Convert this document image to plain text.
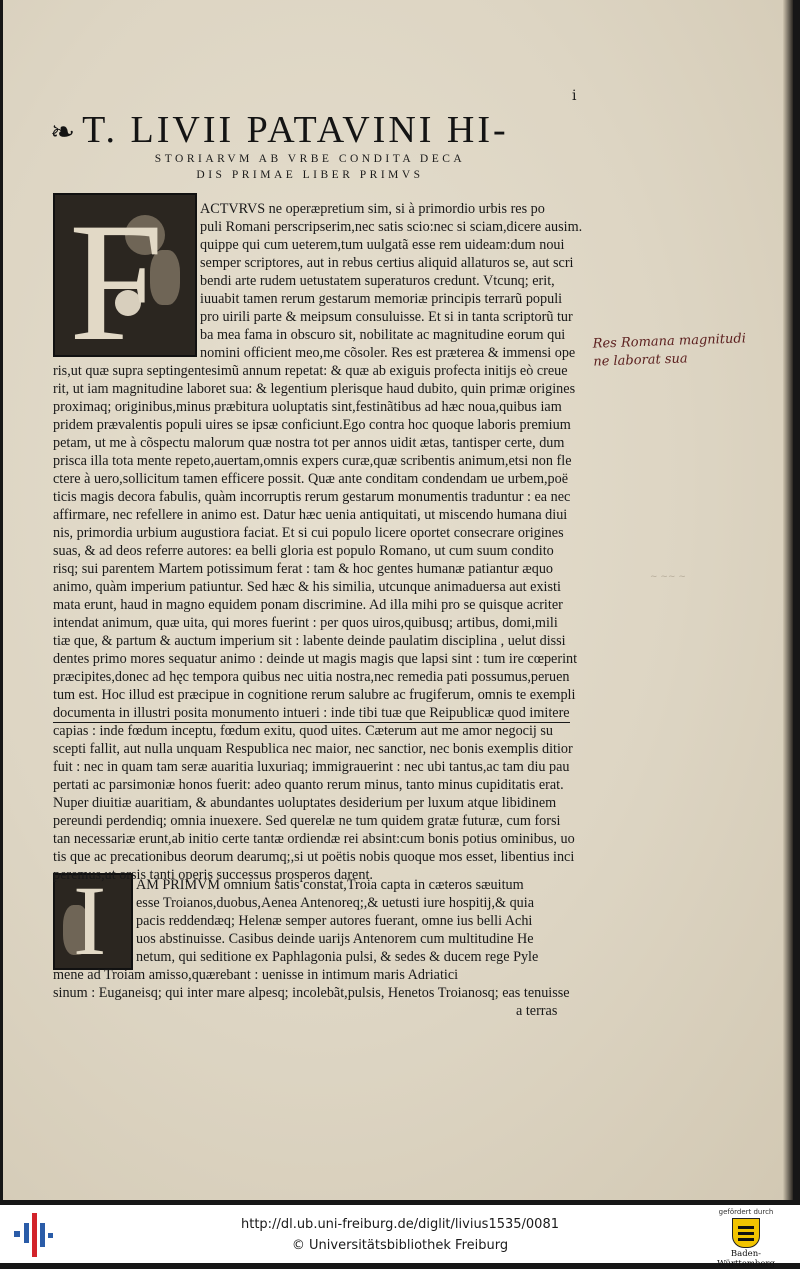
i
❧ T. LIVII PATAVINI HI-
STORIARVM AB VRBE CONDITA DECA
DIS PRIMAE LIBER PRIMVS
F
I
ACTVRVS ne operæpretium sim, si à primordio urbis res po
puli Romani perscripserim,nec satis scio:nec si sciam,dicere ausim.
quippe qui cum ueterem,tum uulgatã esse rem uideam:dum noui
semper scriptores, aut in rebus certius aliquid allaturos se, aut scri
bendi arte rudem uetustatem superaturos credunt. Vtcunq; erit,
iuuabit tamen rerum gestarum memoriæ principis terrarũ populi
pro uirili parte & meipsum consuluisse. Et si in tanta scriptorũ tur
ba mea fama in obscuro sit, nobilitate ac magnitudine eorum qui
nomini officient meo,me cõsoler. Res est præterea & immensi ope
ris,ut quæ supra septingentesimũ annum repetat: & quæ ab exiguis profecta initijs eò creue
rit, ut iam magnitudine laboret sua: & legentium plerisque haud dubito, quin primæ origines
proximaq; originibus,minus præbitura uoluptatis sint,festinãtibus ad hæc noua,quibus iam
pridem prævalentis populi uires se ipsæ conficiunt.Ego contra hoc quoque laboris premium
petam, ut me à cõspectu malorum quæ nostra tot per annos uidit ætas, tantisper certe, dum
prisca illa tota mente repeto,auertam,omnis expers curæ,quæ scribentis animum,etsi non fle
ctere à uero,sollicitum tamen efficere possit. Quæ ante conditam condendam ue urbem,poë
ticis magis decora fabulis, quàm incorruptis rerum gestarum monumentis traduntur : ea nec
affirmare, nec refellere in animo est. Datur hæc uenia antiquitati, ut miscendo humana diui
nis, primordia urbium augustiora faciat. Et si cui populo licere oportet consecrare origines
suas, & ad deos referre autores: ea belli gloria est populo Romano, ut cum suum condito
risq; sui parentem Martem potissimum ferat : tam & hoc gentes humanæ patiantur æquo
animo, quàm imperium patiuntur. Sed hæc & his similia, utcunque animaduersa aut existi
mata erunt, haud in magno equidem ponam discrimine. Ad illa mihi pro se quisque acriter
intendat animum, quæ uita, qui mores fuerint : per quos uiros,quibusq; artibus, domi,mili
tiæ que, & partum & auctum imperium sit : labente deinde paulatim disciplina , uelut dissi
dentes primo mores sequatur animo : deinde ut magis magis que lapsi sint : tum ire cœperint
præcipites,donec ad hęc tempora quibus nec uitia nostra,nec remedia pati possumus,peruen
tum est. Hoc illud est præcipue in cognitione rerum salubre ac frugiferum, omnis te exempli
documenta in illustri posita monumento intueri : inde tibi tuæ que Reipublicæ quod imitere
capias : inde fœdum inceptu, fœdum exitu, quod uites. Cæterum aut me amor negocij su
scepti fallit, aut nulla unquam Respublica nec maior, nec sanctior, nec bonis exemplis ditior
fuit : nec in quam tam seræ auaritia luxuriaq; immigrauerint : nec ubi tantus,ac tam diu pau
pertati ac parsimoniæ honos fuerit: adeo quanto rerum minus, tanto minus cupiditatis erat.
Nuper diuitiæ auaritiam, & abundantes uoluptates desiderium per luxum atque libidinem
pereundi perdendiq; omnia inuexere. Sed querelæ ne tum quidem gratæ futuræ, cum forsi
tan necessariæ erunt,ab initio certe tantæ ordiendæ rei absint:cum bonis potius ominibus, uo
tis que ac precationibus deorum dearumq;,si ut poëtis nobis quoque mos esset, libentius inci
peremus,ut orsis tanti operis successus prosperos darent.
AM PRIMVM omnium satis constat,Troia capta in cæteros sæuitum
esse Troianos,duobus,Aenea Antenoreq;,& uetusti iure hospitij,& quia
pacis reddendæq; Helenæ semper autores fuerant, omne ius belli Achi
uos abstinuisse. Casibus deinde uarijs Antenorem cum multitudine He
netum, qui seditione ex Paphlagonia pulsi, & sedes & ducem rege Pyle
mene ad Troiam amisso,quærebant : uenisse in intimum maris Adriatici
sinum : Euganeisq; qui inter mare alpesq; incolebãt,pulsis, Henetos Troianosq; eas tenuisse
a terras
Res Romana magnitudi
ne laborat sua
~ ~~ ~
http://dl.ub.uni-freiburg.de/diglit/livius1535/0081
© Universitätsbibliothek Freiburg
gefördert durch
Baden-Württemberg
